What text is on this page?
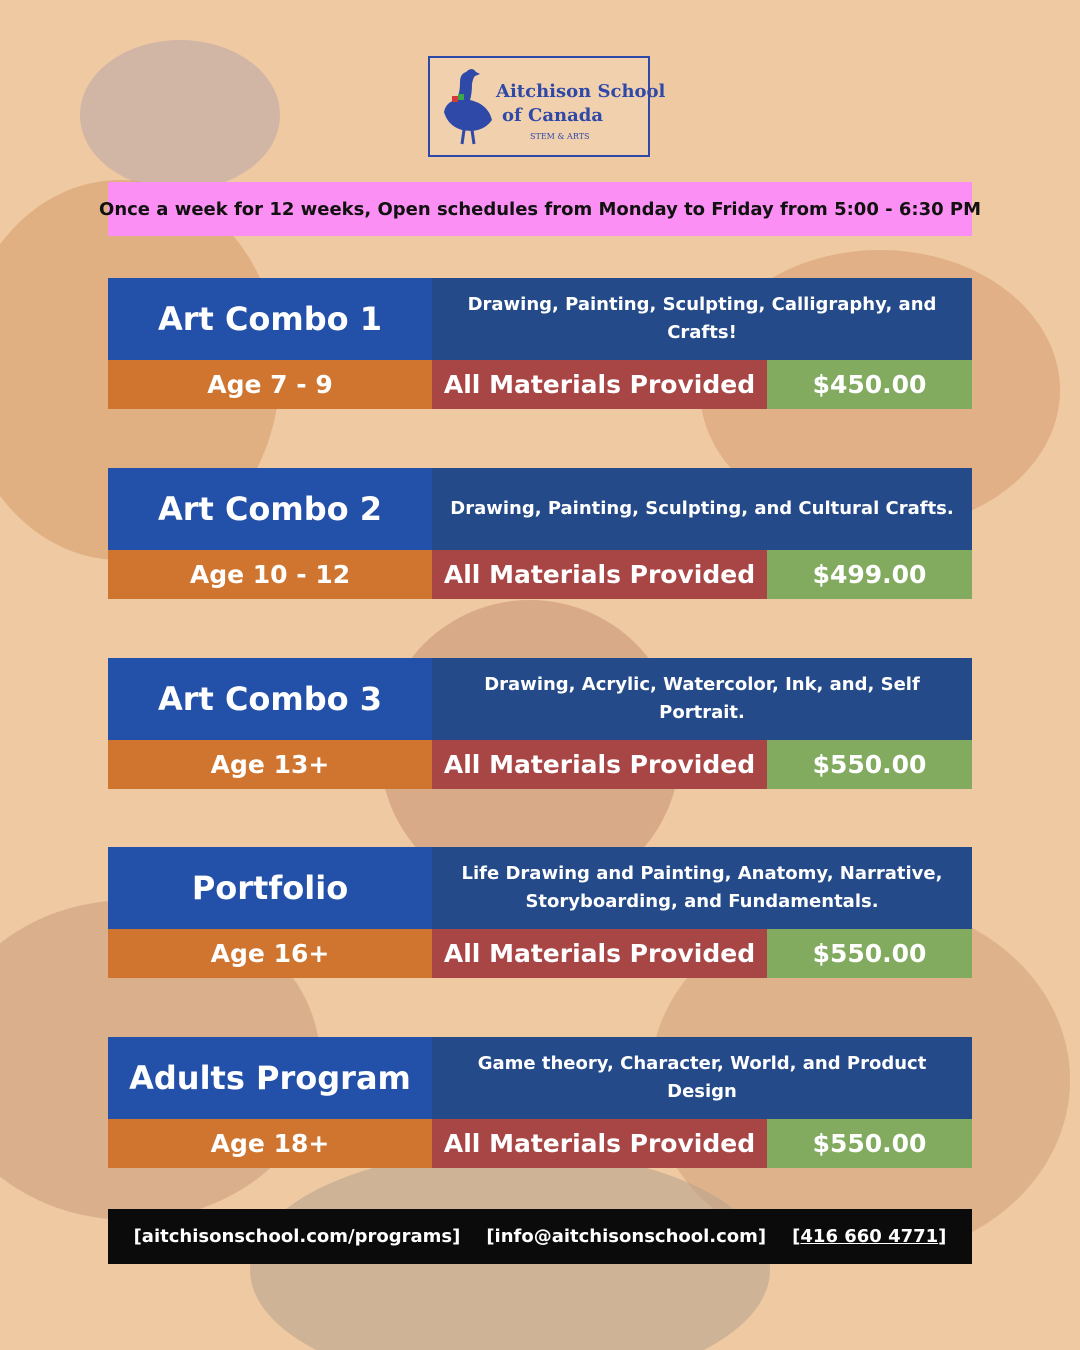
Aitchison School
of Canada
STEM & ARTS
Once a week for 12 weeks, Open schedules from Monday to Friday from 5:00 - 6:30 PM
Art Combo 1	Drawing, Painting, Sculpting, Calligraphy, and Crafts!
Age 7 - 9	All Materials Provided	$450.00
Art Combo 2	Drawing, Painting, Sculpting, and Cultural Crafts.
Age 10 - 12	All Materials Provided	$499.00
Art Combo 3	Drawing, Acrylic, Watercolor, Ink, and, Self Portrait.
Age 13+	All Materials Provided	$550.00
Portfolio	Life Drawing and Painting, Anatomy, Narrative, Storyboarding, and Fundamentals.
Age 16+	All Materials Provided	$550.00
Adults Program	Game theory, Character, World, and Product Design
Age 18+	All Materials Provided	$550.00
[aitchisonschool.com/programs] [info@aitchisonschool.com] [416 660 4771]
